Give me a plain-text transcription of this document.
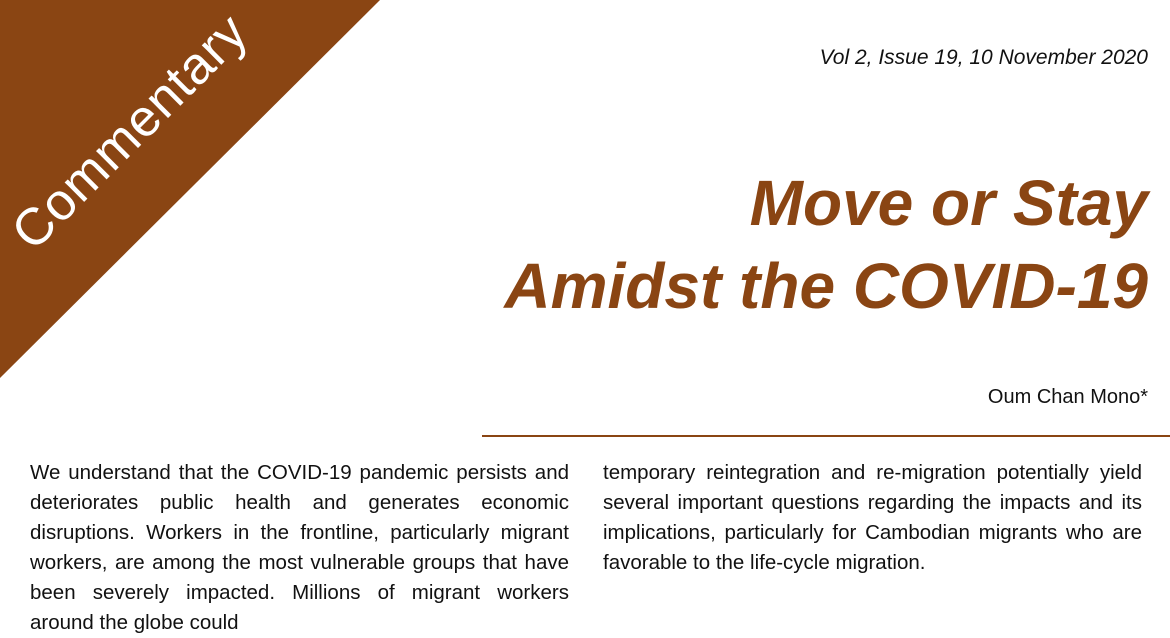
Commentary	Vol 2, Issue 19, 10 November 2020
Move or Stay
Amidst the COVID-19
Oum Chan Mono*
We understand that the COVID-19 pandemic persists and deteriorates public health and generates economic disruptions. Workers in the frontline, particularly migrant workers, are among the most vulnerable groups that have been severely impacted. Millions of migrant workers around the globe could
temporary reintegration and re-migration potentially yield several important questions regarding the impacts and its implications, particularly for Cambodian migrants who are favorable to the life-cycle migration.
